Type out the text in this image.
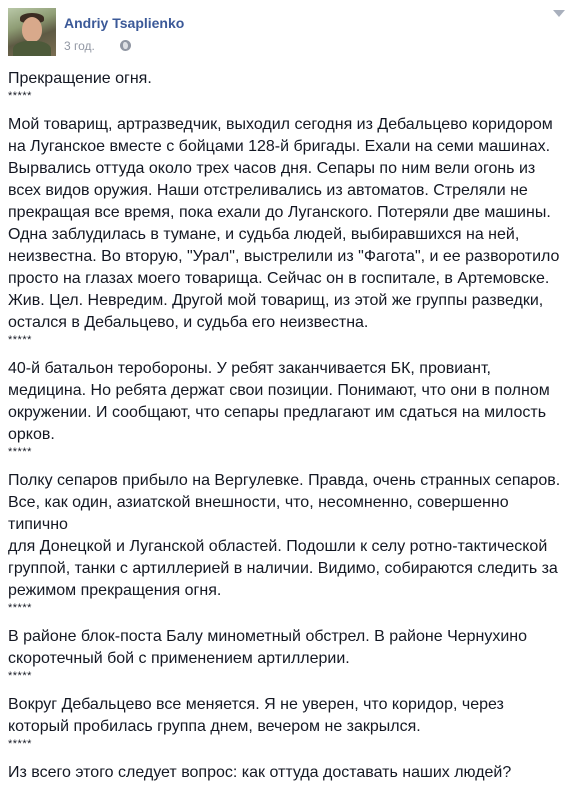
Andriy Tsaplienko
3 год.

Прекращение огня.

*****

Мой товарищ, артразведчик, выходил сегодня из Дебальцево коридором
на Луганское вместе с бойцами 128-й бригады. Ехали на семи машинах.
Вырвались оттуда около трех часов дня. Сепары по ним вели огонь из
всех видов оружия. Наши отстреливались из автоматов. Стреляли не
прекращая все время, пока ехали до Луганского. Потеряли две машины.
Одна заблудилась в тумане, и судьба людей, выбиравшихся на ней,
неизвестна. Во вторую, "Урал", выстрелили из "Фагота", и ее разворотило
просто на глазах моего товарища. Сейчас он в госпитале, в Артемовске.
Жив. Цел. Невредим. Другой мой товарищ, из этой же группы разведки,
остался в Дебальцево, и судьба его неизвестна.

*****

40-й батальон теробороны. У ребят заканчивается БК, провиант,
медицина. Но ребята держат свои позиции. Понимают, что они в полном
окружении. И сообщают, что сепары предлагают им сдаться на милость
орков.

*****

Полку сепаров прибыло на Вергулевке. Правда, очень странных сепаров.
Все, как один, азиатской внешности, что, несомненно, совершенно типично
для Донецкой и Луганской областей. Подошли к селу ротно-тактической
группой, танки с артиллерией в наличии. Видимо, собираются следить за
режимом прекращения огня.

*****

В районе блок-поста Балу минометный обстрел. В районе Чернухино
скоротечный бой с применением артиллерии.

*****

Вокруг Дебальцево все меняется. Я не уверен, что коридор, через
который пробилась группа днем, вечером не закрылся.

*****

Из всего этого следует вопрос: как оттуда доставать наших людей?
